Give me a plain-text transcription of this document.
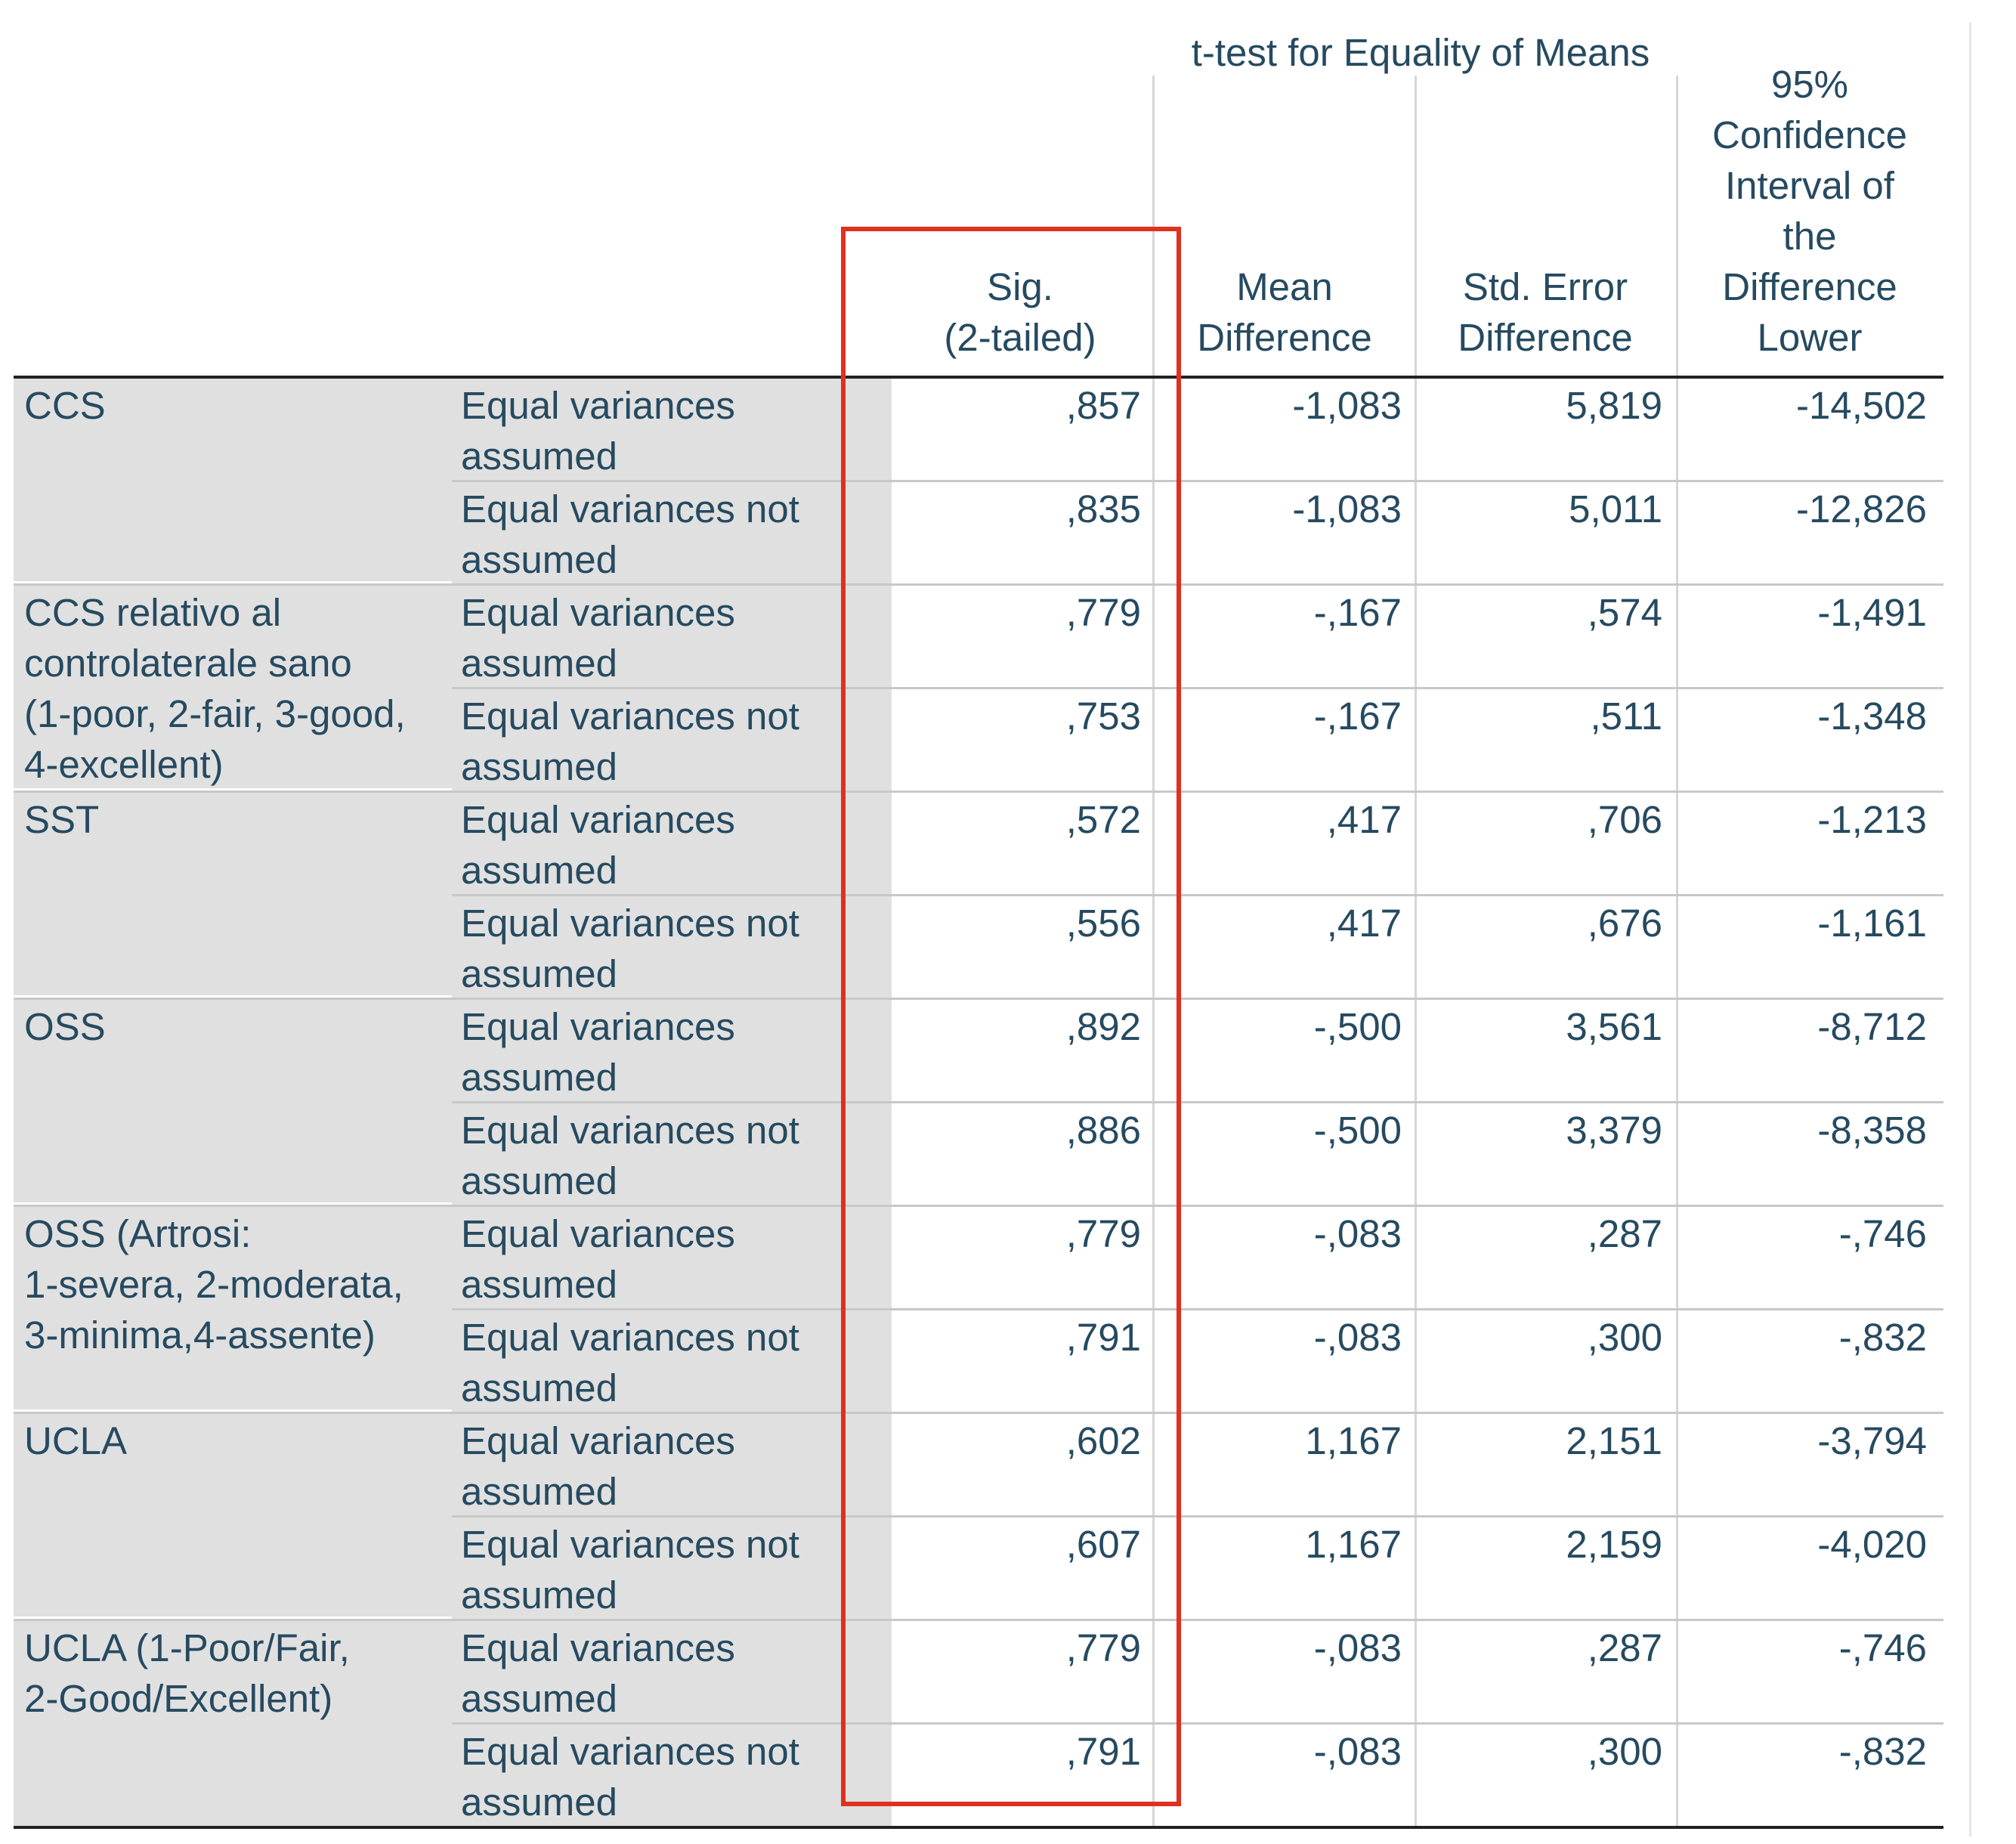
t-test for Equality of Means
Sig.
(2-tailed)
Mean
Difference
Std. Error
Difference
95%
Confidence
Interval of
the
Difference
Lower
CCS	Equal variances
assumed
,857	-1,083	5,819	-14,502
Equal variances not
assumed
,835	-1,083	5,011	-12,826
CCS relativo al
controlaterale sano
(1-poor, 2-fair, 3-good,
4-excellent)
Equal variances
assumed
,779	-,167	,574	-1,491
Equal variances not
assumed
,753	-,167	,511	-1,348
SST	Equal variances
assumed
,572	,417	,706	-1,213
Equal variances not
assumed
,556	,417	,676	-1,161
OSS	Equal variances
assumed
,892	-,500	3,561	-8,712
Equal variances not
assumed
,886	-,500	3,379	-8,358
OSS (Artrosi:
1-severa, 2-moderata,
3-minima,4-assente)
Equal variances
assumed
,779	-,083	,287	-,746
Equal variances not
assumed
,791	-,083	,300	-,832
UCLA	Equal variances
assumed
,602	1,167	2,151	-3,794
Equal variances not
assumed
,607	1,167	2,159	-4,020
UCLA (1-Poor/Fair,
2-Good/Excellent)
Equal variances
assumed
,779	-,083	,287	-,746
Equal variances not
assumed
,791	-,083	,300	-,832
